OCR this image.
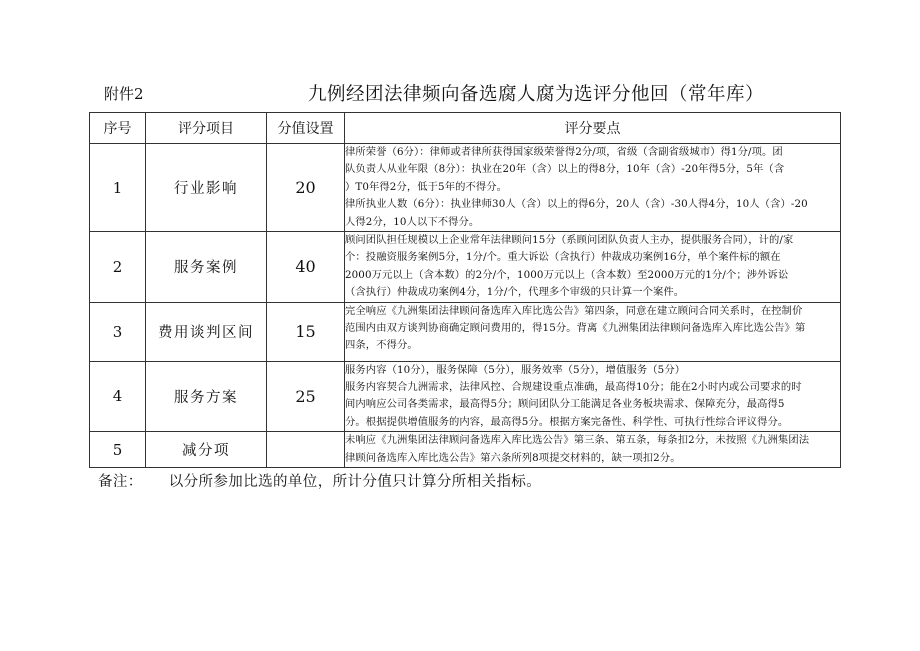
附件2	九例经团法律频向备选腐人腐为选评分他回（常年库）
序号	评分项目	分值设置	评分要点
1	行业影响	20	律所荣誉（6分）：律师或者律所获得国家级荣誉得2分/项，省级（含副省级城市）得1分/项。团
队负责人从业年限（8分）：执业在20年（含）以上的得8分，10年（含）-20年得5分，5年（含
）T0年得2分，低于5年的不得分。
律所执业人数（6分）：执业律师30人（含）以上的得6分，20人（含）-30人得4分，10人（含）-20
人得2分，10人以下不得分。

2	服务案例	40	顾问团队担任规模以上企业常年法律顾问15分（系顾问团队负责人主办，提供服务合同），计的/家
个：投融资服务案例5分，1分/个。重大诉讼（含执行）仲裁成功案例16分，单个案件标的额在
2000万元以上（含本数）的2分/个，1000万元以上（含本数）至2000万元的1分/个；涉外诉讼
（含执行）仲裁成功案例4分，1分/个，代理多个审级的只计算一个案件。

3	费用谈判区间	15	完全响应《九洲集团法律顾问备选库入库比选公告》第四条，同意在建立顾问合同关系时，在控制价
范围内由双方谈判协商确定顾问费用的，得15分。背离《九洲集团法律顾问备选库入库比选公告》第
四条，不得分。

4	服务方案	25	服务内容（10分），服务保障（5分），服务效率（5分），增值服务（5分）
服务内容契合九洲需求，法律风控、合规建设重点准确，最高得10分；能在2小时内或公司要求的时
间内响应公司各类需求，最高得5分；顾问团队分工能满足各业务板块需求、保障充分，最高得5
分。根据提供增值服务的内容，最高得5分。根据方案完备性、科学性、可执行性综合评议得分。

5	减分项		未响应《九洲集团法律顾问备选库入库比选公告》第三条、第五条，每条扣2分，未按照《九洲集团法
律顾问备选库入库比选公告》第六条所列8项提交材料的，缺一项扣2分。
备注： 以分所参加比选的单位，所计分值只计算分所相关指标。
